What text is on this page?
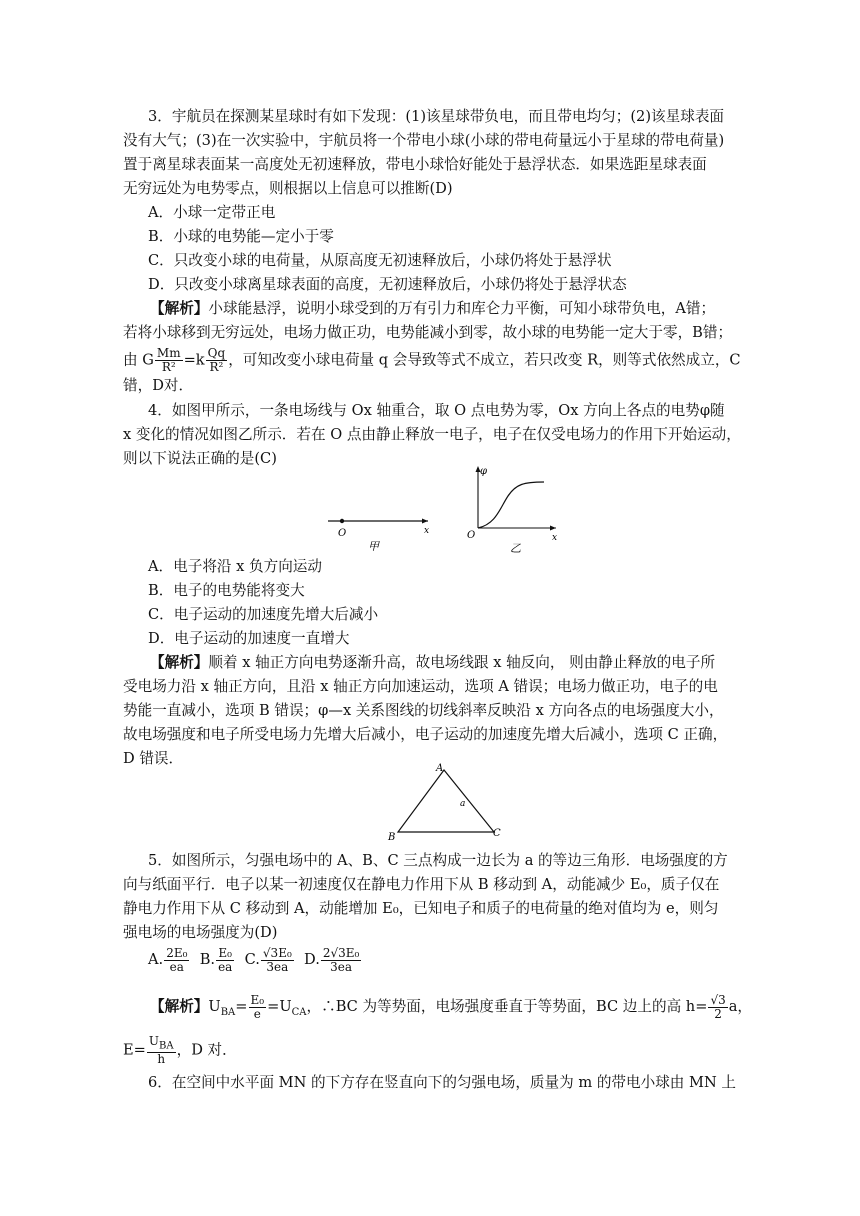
3．宇航员在探测某星球时有如下发现：(1)该星球带负电，而且带电均匀；(2)该星球表面
没有大气；(3)在一次实验中，宇航员将一个带电小球(小球的带电荷量远小于星球的带电荷量)
置于离星球表面某一高度处无初速释放，带电小球恰好能处于悬浮状态．如果选距星球表面
无穷远处为电势零点，则根据以上信息可以推断(D)
A．小球一定带正电
B．小球的电势能—定小于零
C．只改变小球的电荷量，从原高度无初速释放后，小球仍将处于悬浮状
D．只改变小球离星球表面的高度，无初速释放后，小球仍将处于悬浮状态
【解析】小球能悬浮，说明小球受到的万有引力和库仑力平衡，可知小球带负电，A错；
若将小球移到无穷远处，电场力做正功，电势能减小到零，故小球的电势能一定大于零，B错；
由 G $\frac{Mm}{\text{R²}} =k \frac{Qq}{\text{R²}}$ ，可知改变小球电荷量 q 会导致等式不成立，若只改变 R，则等式依然成立，C
错，D对．
4．如图甲所示，一条电场线与 Ox 轴重合，取 O 点电势为零，Ox 方向上各点的电势φ随
x 变化的情况如图乙所示．若在 O 点由静止释放一电子，电子在仅受电场力的作用下开始运动，
则以下说法正确的是(C)
O	x
甲
φ
O	x
乙
A．电子将沿 x 负方向运动
B．电子的电势能将变大
C．电子运动的加速度先增大后减小
D．电子运动的加速度一直增大
【解析】顺着 x 轴正方向电势逐渐升高，故电场线跟 x 轴反向， 则由静止释放的电子所
受电场力沿 x 轴正方向，且沿 x 轴正方向加速运动，选项 A 错误；电场力做正功，电子的电
势能一直减小，选项 B 错误；φ—x 关系图线的切线斜率反映沿 x 方向各点的电场强度大小，
故电场强度和电子所受电场力先增大后减小，电子运动的加速度先增大后减小，选项 C 正确，
D 错误．
A
B	C
a
5．如图所示，匀强电场中的 A、B、C 三点构成一边长为 a 的等边三角形．电场强度的方
向与纸面平行．电子以某一初速度仅在静电力作用下从 B 移动到 A，动能减少 E₀，质子仅在
静电力作用下从 C 移动到 A，动能增加 E₀，已知电子和质子的电荷量的绝对值均为 e，则匀
强电场的电场强度为(D)
A. $\frac{\text{2E₀}}{ea} B$. $\frac{\text{E₀}}{ea} C$. $\frac{\text{√3E₀}}{3ea} D$. $\frac{\text{2√3E₀}}{3ea}$
【解析】$U_{BA}= \frac{\text{E₀}}{e} =U_{CA}$，∴BC 为等势面，电场强度垂直于等势面，BC 边上的高 $h= \frac{√3}{2}$ a，
$E= \frac{U_{BA}}{h}$ ，D 对．
6．在空间中水平面 MN 的下方存在竖直向下的匀强电场，质量为 m 的带电小球由 MN 上
